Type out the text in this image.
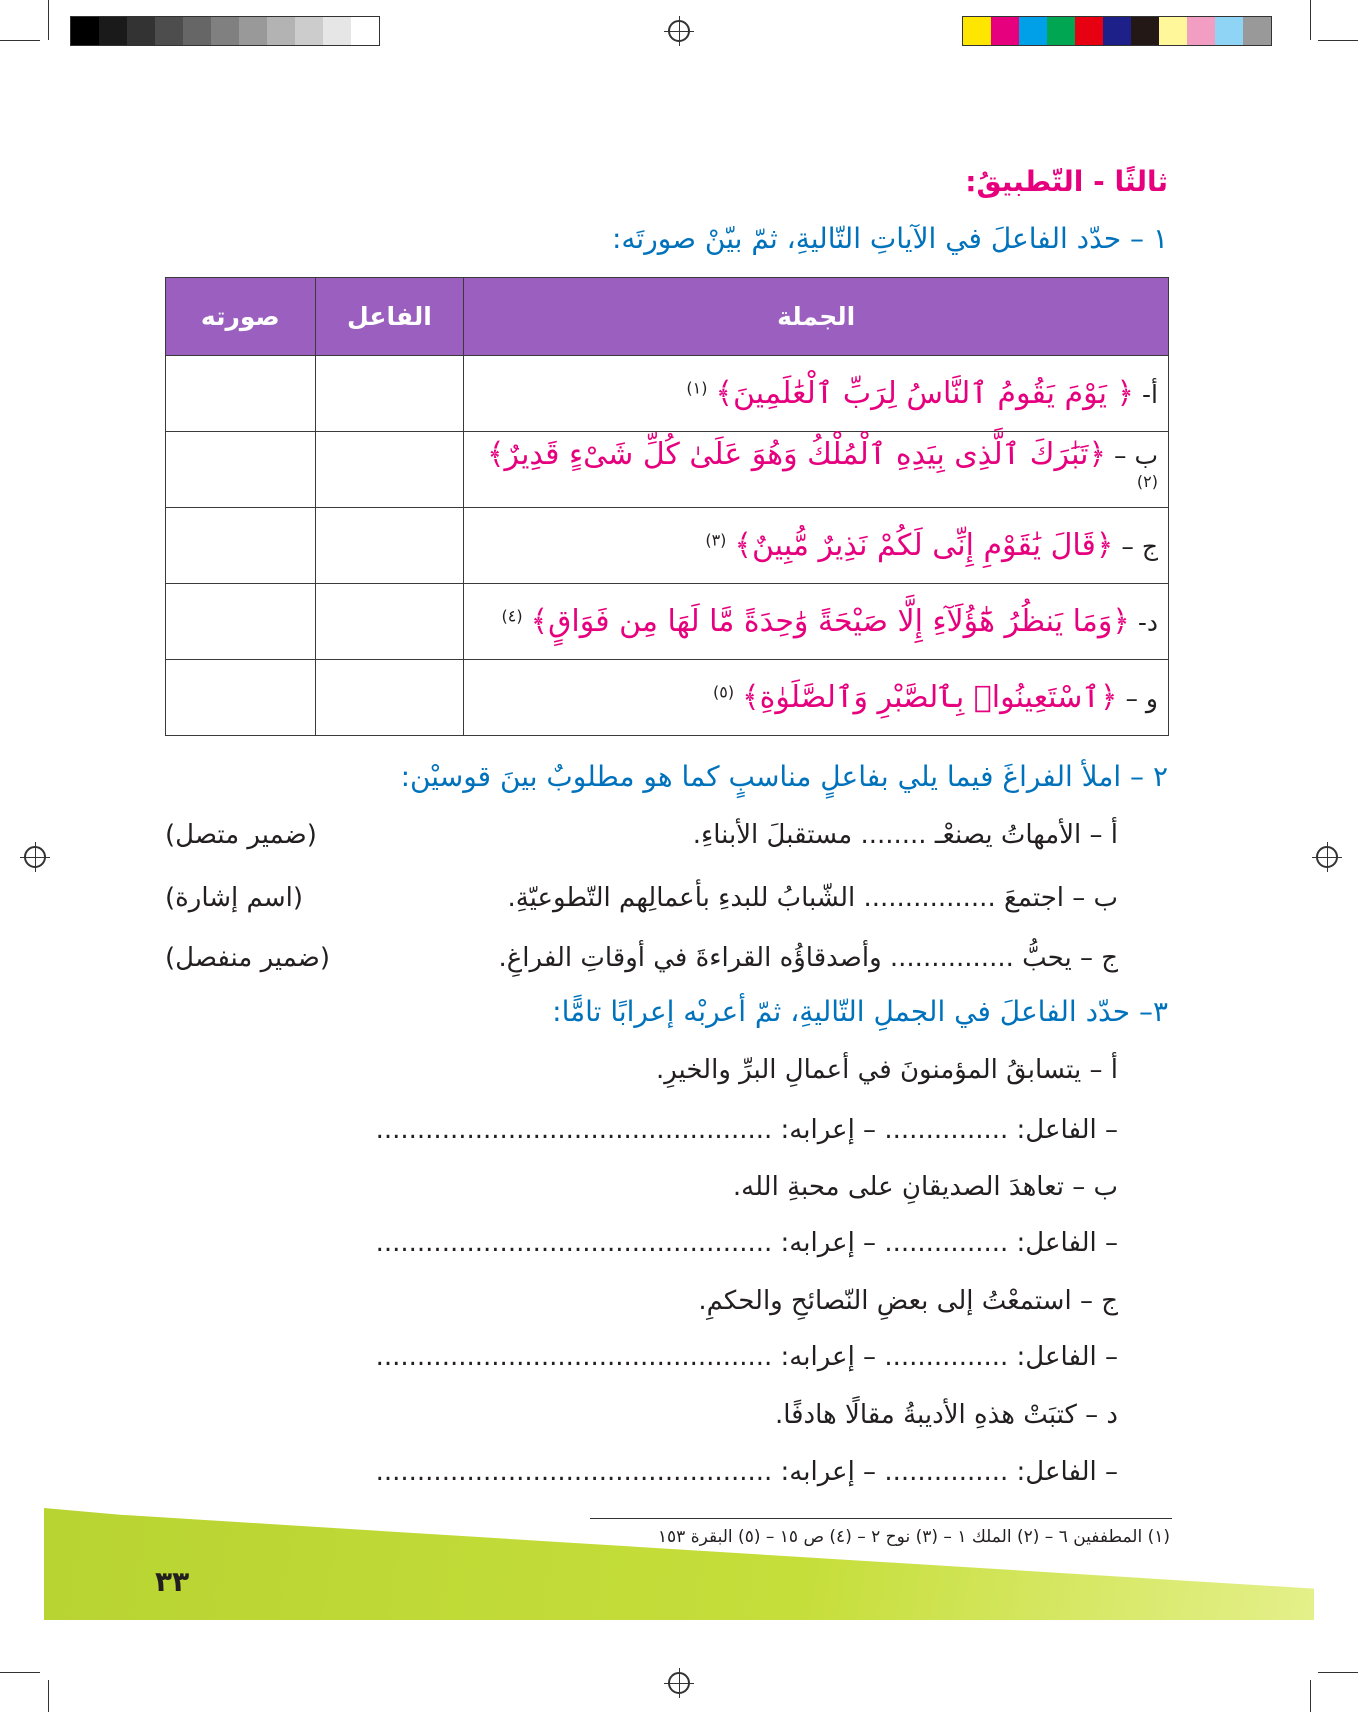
ثالثًا - التّطبيقُ:
١ – حدّد الفاعلَ في الآياتِ التّاليةِ، ثمّ بيّنْ صورتَه:
الجملة	الفاعل	صورته
أ- ﴿ يَوْمَ يَقُومُ ٱلنَّاسُ لِرَبِّ ٱلْعَٰلَمِينَ﴾ $^{(١)}$		
ب – ﴿تَبَٰرَكَ ٱلَّذِى بِيَدِهِ ٱلْمُلْكُ وَهُوَ عَلَىٰ كُلِّ شَىْءٍ قَدِيرٌ﴾ $^{(٢)}$		
ج – ﴿قَالَ يَٰقَوْمِ إِنِّى لَكُمْ نَذِيرٌ مُّبِينٌ﴾ $^{(٣)}$		
د- ﴿وَمَا يَنظُرُ هَٰٓؤُلَآءِ إِلَّا صَيْحَةً وَٰحِدَةً مَّا لَهَا مِن فَوَاقٍ﴾ $^{(٤)}$		
و – ﴿ٱسْتَعِينُوا۟ بِٱلصَّبْرِ وَٱلصَّلَوٰةِ﴾ $^{(٥)}$		
٢ – املأ الفراغَ فيما يلي بفاعلٍ مناسبٍ كما هو مطلوبٌ بينَ قوسيْن:
أ – الأمهاتُ يصنعْـ ........ مستقبلَ الأبناءِ.
(ضمير متصل)
ب – اجتمعَ ................ الشّبابُ للبدءِ بأعمالِهم التّطوعيّةِ.
(اسم إشارة)
ج – يحبُّ ............... وأصدقاؤُه القراءةَ في أوقاتِ الفراغِ.
(ضمير منفصل)
٣– حدّد الفاعلَ في الجملِ التّاليةِ، ثمّ أعربْه إعرابًا تامًّا:
أ – يتسابقُ المؤمنونَ في أعمالِ البرِّ والخيرِ.
– الفاعل: ............... – إعرابه: ................................................
ب – تعاهدَ الصديقانِ على محبةِ الله.
– الفاعل: ............... – إعرابه: ................................................
ج – استمعْتُ إلى بعضِ النّصائحِ والحكمِ.
– الفاعل: ............... – إعرابه: ................................................
د – كتبَتْ هذهِ الأديبةُ مقالًا هادفًا.
– الفاعل: ............... – إعرابه: ................................................
(١) المطففين ٦ – (٢) الملك ١ – (٣) نوح ٢ – (٤) ص ١٥ – (٥) البقرة ١٥٣
٣٣
